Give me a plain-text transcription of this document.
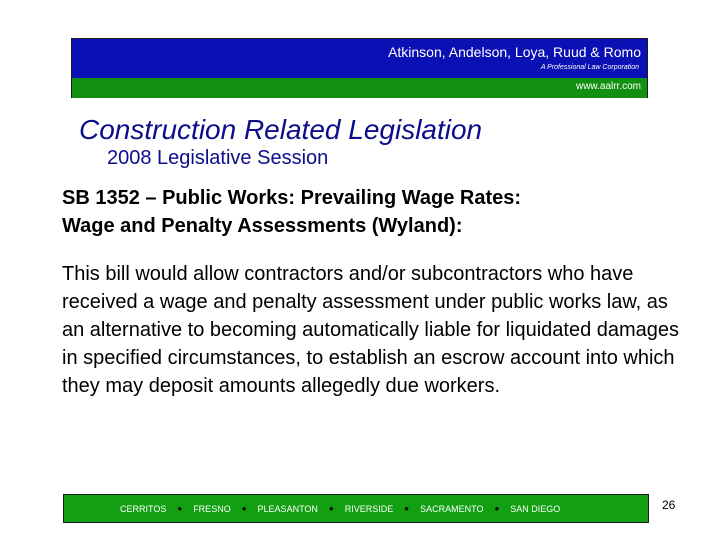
Atkinson, Andelson, Loya, Ruud & Romo
A Professional Law Corporation
www.aalrr.com
Construction Related Legislation
2008 Legislative Session
SB 1352 – Public Works: Prevailing Wage Rates:
Wage and Penalty Assessments (Wyland):
This bill would allow contractors and/or subcontractors who have received a wage and penalty assessment under public works law, as an alternative to becoming automatically liable for liquidated damages in specified circumstances, to establish an escrow account into which they may deposit amounts allegedly due workers.
CERRITOS ● FRESNO ● PLEASANTON ● RIVERSIDE ● SACRAMENTO ● SAN DIEGO	26
